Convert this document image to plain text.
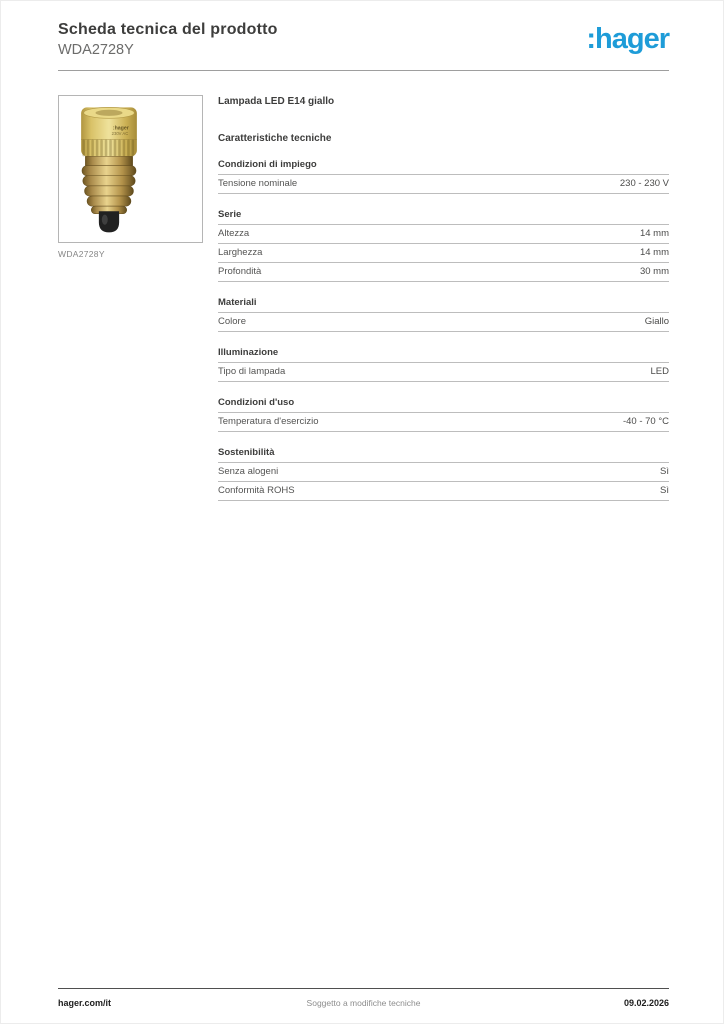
Scheda tecnica del prodotto
WDA2728Y	:hager
:hager
230V AC
WDA2728Y
Lampada LED E14 giallo
Caratteristiche tecniche
Condizioni di impiego
Tensione nominale	230 - 230 V
Serie
Altezza	14 mm
Larghezza	14 mm
Profondità	30 mm
Materiali
Colore	Giallo
Illuminazione
Tipo di lampada	LED
Condizioni d'uso
Temperatura d'esercizio	-40 - 70 °C
Sostenibilità
Senza alogeni	Sì
Conformità ROHS	Sì
hager.com/it	Soggetto a modifiche tecniche	09.02.2026
